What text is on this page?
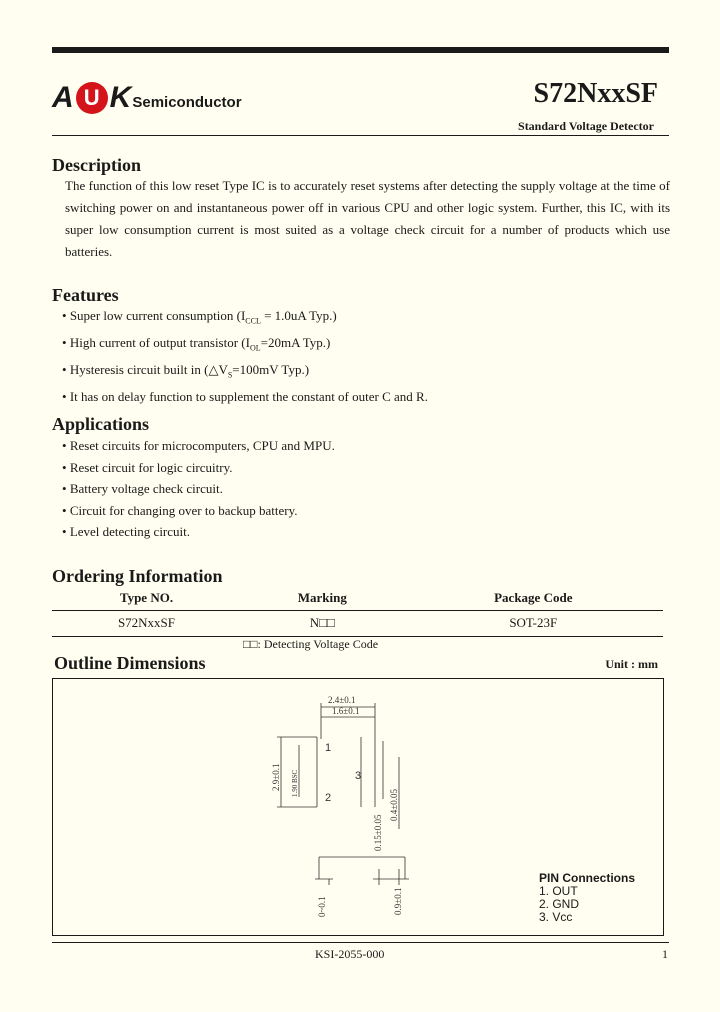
A U K Semiconductor	S72NxxSF
Standard Voltage Detector
Description
The function of this low reset Type IC is to accurately reset systems after detecting the supply voltage at the time of switching power on and instantaneous power off in various CPU and other logic system. Further, this IC, with its super low consumption current is most suited as a voltage check circuit for a number of products which use batteries.
Features
• Super low current consumption ($I_{CCL} = 1.0uA$ Typ.)
• High current of output transistor ($I_{OL}=20mA$ Typ.)
• Hysteresis circuit built in ($\triangle V_S=100mV$ Typ.)
• It has on delay function to supplement the constant of outer C and R.
Applications
• Reset circuits for microcomputers, CPU and MPU.
• Reset circuit for logic circuitry.
• Battery voltage check circuit.
• Circuit for changing over to backup battery.
• Level detecting circuit.
Ordering Information
Type NO.	Marking	Package Code
S72NxxSF	N□□	SOT-23F
□□: Detecting Voltage Code
Outline Dimensions	Unit : mm
2.4±0.1
1.6±0.1
2.9±0.1 1.90 BSC
0.4±0.05
0.15±0.05
0~0.1	0.9±0.1
1
2
3
PIN Connections
1. OUT
2. GND
3. Vcc
KSI-2055-000	1
